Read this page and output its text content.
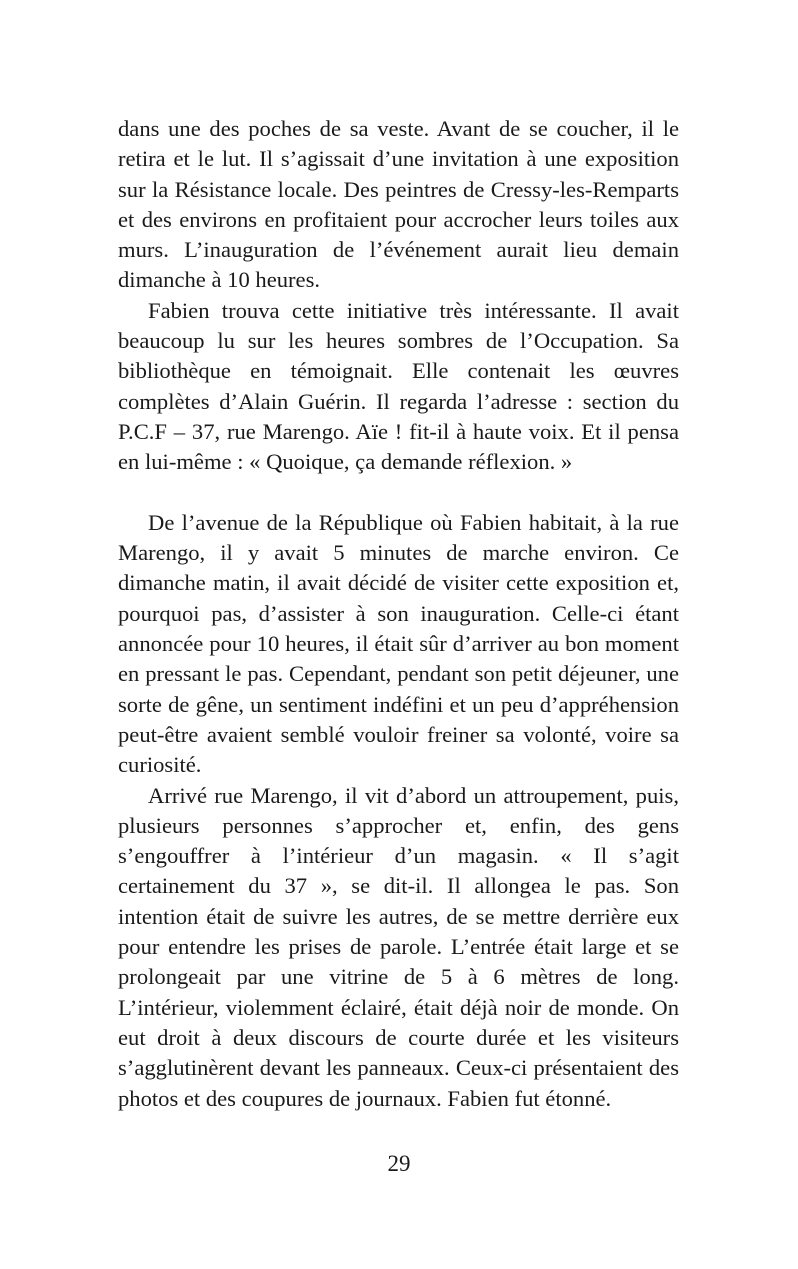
dans une des poches de sa veste. Avant de se coucher, il le retira et le lut. Il s’agissait d’une invitation à une exposition sur la Résistance locale. Des peintres de Cressy-les-Remparts et des environs en profitaient pour accrocher leurs toiles aux murs. L’inauguration de l’événement aurait lieu demain dimanche à 10 heures.

Fabien trouva cette initiative très intéressante. Il avait beaucoup lu sur les heures sombres de l’Occupation. Sa bibliothèque en témoignait. Elle contenait les œuvres complètes d’Alain Guérin. Il regarda l’adresse : section du P.C.F – 37, rue Marengo. Aïe ! fit-il à haute voix. Et il pensa en lui-même : « Quoique, ça demande réflexion. »

De l’avenue de la République où Fabien habitait, à la rue Marengo, il y avait 5 minutes de marche environ. Ce dimanche matin, il avait décidé de visiter cette exposition et, pourquoi pas, d’assister à son inauguration. Celle-ci étant annoncée pour 10 heures, il était sûr d’arriver au bon moment en pressant le pas. Cependant, pendant son petit déjeuner, une sorte de gêne, un sentiment indéfini et un peu d’appréhension peut-être avaient semblé vouloir freiner sa volonté, voire sa curiosité.

Arrivé rue Marengo, il vit d’abord un attroupement, puis, plusieurs personnes s’approcher et, enfin, des gens s’engouffrer à l’intérieur d’un magasin. « Il s’agit certainement du 37 », se dit-il. Il allongea le pas. Son intention était de suivre les autres, de se mettre derrière eux pour entendre les prises de parole. L’entrée était large et se prolongeait par une vitrine de 5 à 6 mètres de long. L’intérieur, violemment éclairé, était déjà noir de monde. On eut droit à deux discours de courte durée et les visiteurs s’agglutinèrent devant les panneaux. Ceux-ci présentaient des photos et des coupures de journaux. Fabien fut étonné.

29
